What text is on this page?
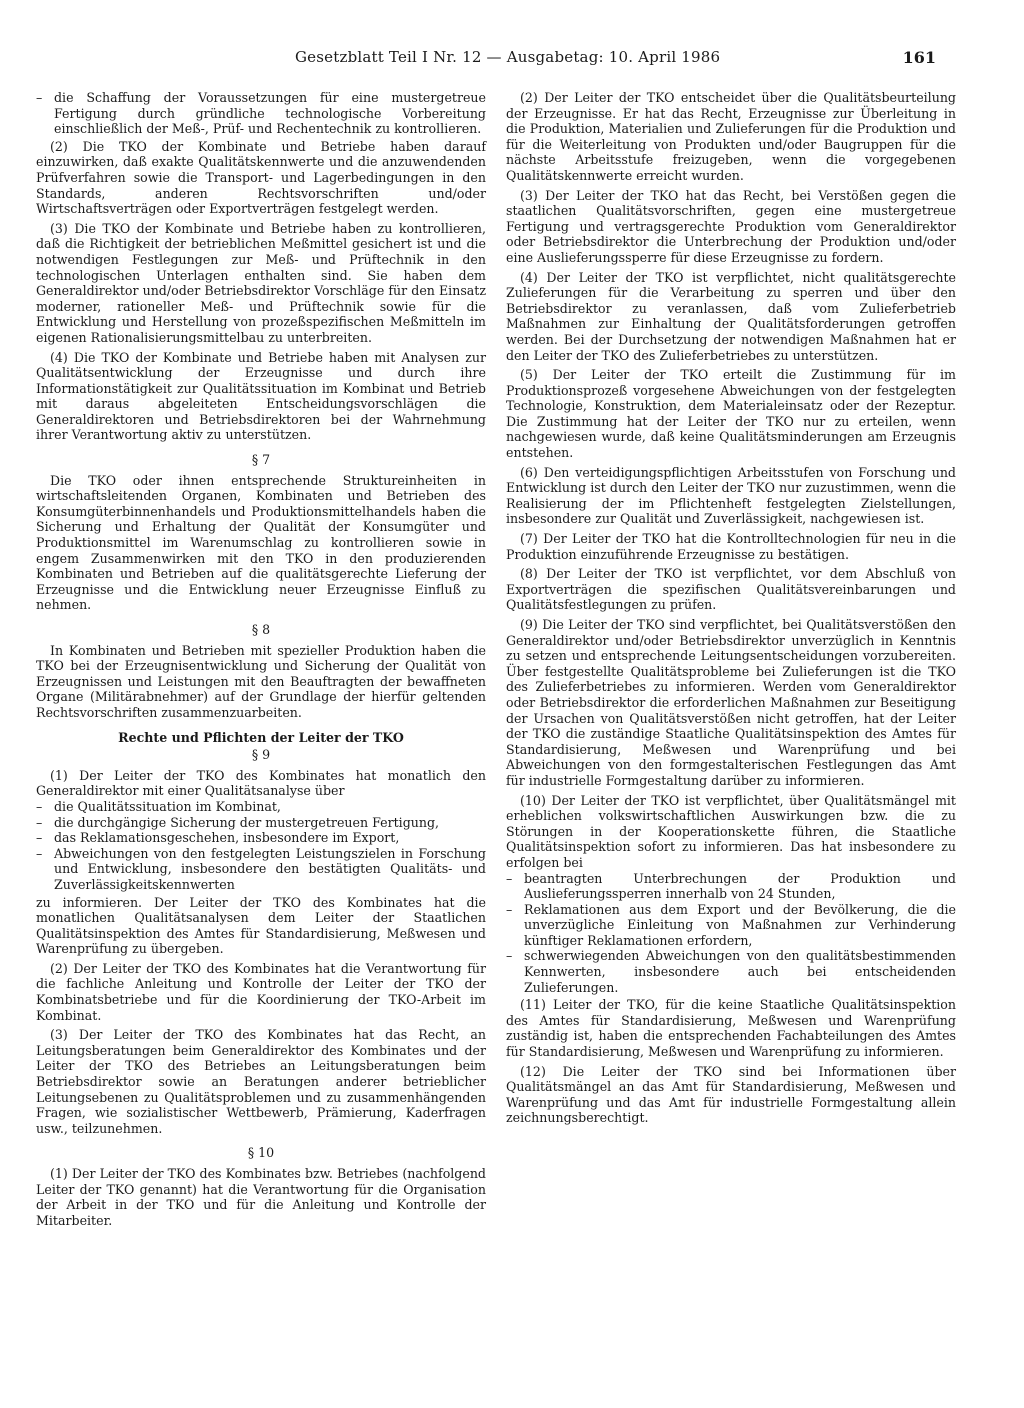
Gesetzblatt Teil I Nr. 12 — Ausgabetag: 10. April 1986	161
– die Schaffung der Voraussetzungen für eine mustergetreue Fertigung durch gründliche technologische Vorbereitung einschließlich der Meß-, Prüf- und Rechentechnik zu kontrollieren.

(2) Die TKO der Kombinate und Betriebe haben darauf einzuwirken, daß exakte Qualitätskennwerte und die anzuwendenden Prüfverfahren sowie die Transport- und Lagerbedingungen in den Standards, anderen Rechtsvorschriften und/oder Wirtschaftsverträgen oder Exportverträgen festgelegt werden.

(3) Die TKO der Kombinate und Betriebe haben zu kontrollieren, daß die Richtigkeit der betrieblichen Meßmittel gesichert ist und die notwendigen Festlegungen zur Meß- und Prüftechnik in den technologischen Unterlagen enthalten sind. Sie haben dem Generaldirektor und/oder Betriebsdirektor Vorschläge für den Einsatz moderner, rationeller Meß- und Prüftechnik sowie für die Entwicklung und Herstellung von prozeßspezifischen Meßmitteln im eigenen Rationalisierungsmittelbau zu unterbreiten.

(4) Die TKO der Kombinate und Betriebe haben mit Analysen zur Qualitätsentwicklung der Erzeugnisse und durch ihre Informationstätigkeit zur Qualitätssituation im Kombinat und Betrieb mit daraus abgeleiteten Entscheidungsvorschlägen die Generaldirektoren und Betriebsdirektoren bei der Wahrnehmung ihrer Verantwortung aktiv zu unterstützen.

§ 7

Die TKO oder ihnen entsprechende Struktureinheiten in wirtschaftsleitenden Organen, Kombinaten und Betrieben des Konsumgüterbinnenhandels und Produktionsmittelhandels haben die Sicherung und Erhaltung der Qualität der Konsumgüter und Produktionsmittel im Warenumschlag zu kontrollieren sowie in engem Zusammenwirken mit den TKO in den produzierenden Kombinaten und Betrieben auf die qualitätsgerechte Lieferung der Erzeugnisse und die Entwicklung neuer Erzeugnisse Einfluß zu nehmen.

§ 8

In Kombinaten und Betrieben mit spezieller Produktion haben die TKO bei der Erzeugnisentwicklung und Sicherung der Qualität von Erzeugnissen und Leistungen mit den Beauftragten der bewaffneten Organe (Militärabnehmer) auf der Grundlage der hierfür geltenden Rechtsvorschriften zusammenzuarbeiten.

Rechte und Pflichten der Leiter der TKO
§ 9

(1) Der Leiter der TKO des Kombinates hat monatlich den Generaldirektor mit einer Qualitätsanalyse über

– die Qualitätssituation im Kombinat,
– die durchgängige Sicherung der mustergetreuen Fertigung,
– das Reklamationsgeschehen, insbesondere im Export,
– Abweichungen von den festgelegten Leistungszielen in Forschung und Entwicklung, insbesondere den bestätigten Qualitäts- und Zuverlässigkeitskennwerten

zu informieren. Der Leiter der TKO des Kombinates hat die monatlichen Qualitätsanalysen dem Leiter der Staatlichen Qualitätsinspektion des Amtes für Standardisierung, Meßwesen und Warenprüfung zu übergeben.

(2) Der Leiter der TKO des Kombinates hat die Verantwortung für die fachliche Anleitung und Kontrolle der Leiter der TKO der Kombinatsbetriebe und für die Koordinierung der TKO-Arbeit im Kombinat.

(3) Der Leiter der TKO des Kombinates hat das Recht, an Leitungsberatungen beim Generaldirektor des Kombinates und der Leiter der TKO des Betriebes an Leitungsberatungen beim Betriebsdirektor sowie an Beratungen anderer betrieblicher Leitungsebenen zu Qualitätsproblemen und zu zusammenhängenden Fragen, wie sozialistischer Wettbewerb, Prämierung, Kaderfragen usw., teilzunehmen.

§ 10

(1) Der Leiter der TKO des Kombinates bzw. Betriebes (nachfolgend Leiter der TKO genannt) hat die Verantwortung für die Organisation der Arbeit in der TKO und für die Anleitung und Kontrolle der Mitarbeiter.

(2) Der Leiter der TKO entscheidet über die Qualitätsbeurteilung der Erzeugnisse. Er hat das Recht, Erzeugnisse zur Überleitung in die Produktion, Materialien und Zulieferungen für die Produktion und für die Weiterleitung von Produkten und/oder Baugruppen für die nächste Arbeitsstufe freizugeben, wenn die vorgegebenen Qualitätskennwerte erreicht wurden.

(3) Der Leiter der TKO hat das Recht, bei Verstößen gegen die staatlichen Qualitätsvorschriften, gegen eine mustergetreue Fertigung und vertragsgerechte Produktion vom Generaldirektor oder Betriebsdirektor die Unterbrechung der Produktion und/oder eine Auslieferungssperre für diese Erzeugnisse zu fordern.

(4) Der Leiter der TKO ist verpflichtet, nicht qualitätsgerechte Zulieferungen für die Verarbeitung zu sperren und über den Betriebsdirektor zu veranlassen, daß vom Zulieferbetrieb Maßnahmen zur Einhaltung der Qualitätsforderungen getroffen werden. Bei der Durchsetzung der notwendigen Maßnahmen hat er den Leiter der TKO des Zulieferbetriebes zu unterstützen.

(5) Der Leiter der TKO erteilt die Zustimmung für im Produktionsprozeß vorgesehene Abweichungen von der festgelegten Technologie, Konstruktion, dem Materialeinsatz oder der Rezeptur. Die Zustimmung hat der Leiter der TKO nur zu erteilen, wenn nachgewiesen wurde, daß keine Qualitätsminderungen am Erzeugnis entstehen.

(6) Den verteidigungspflichtigen Arbeitsstufen von Forschung und Entwicklung ist durch den Leiter der TKO nur zuzustimmen, wenn die Realisierung der im Pflichtenheft festgelegten Zielstellungen, insbesondere zur Qualität und Zuverlässigkeit, nachgewiesen ist.

(7) Der Leiter der TKO hat die Kontrolltechnologien für neu in die Produktion einzuführende Erzeugnisse zu bestätigen.

(8) Der Leiter der TKO ist verpflichtet, vor dem Abschluß von Exportverträgen die spezifischen Qualitätsvereinbarungen und Qualitätsfestlegungen zu prüfen.

(9) Die Leiter der TKO sind verpflichtet, bei Qualitätsverstößen den Generaldirektor und/oder Betriebsdirektor unverzüglich in Kenntnis zu setzen und entsprechende Leitungsentscheidungen vorzubereiten. Über festgestellte Qualitätsprobleme bei Zulieferungen ist die TKO des Zulieferbetriebes zu informieren. Werden vom Generaldirektor oder Betriebsdirektor die erforderlichen Maßnahmen zur Beseitigung der Ursachen von Qualitätsverstößen nicht getroffen, hat der Leiter der TKO die zuständige Staatliche Qualitätsinspektion des Amtes für Standardisierung, Meßwesen und Warenprüfung und bei Abweichungen von den formgestalterischen Festlegungen das Amt für industrielle Formgestaltung darüber zu informieren.

(10) Der Leiter der TKO ist verpflichtet, über Qualitätsmängel mit erheblichen volkswirtschaftlichen Auswirkungen bzw. die zu Störungen in der Kooperationskette führen, die Staatliche Qualitätsinspektion sofort zu informieren. Das hat insbesondere zu erfolgen bei

– beantragten Unterbrechungen der Produktion und Auslieferungssperren innerhalb von 24 Stunden,
– Reklamationen aus dem Export und der Bevölkerung, die die unverzügliche Einleitung von Maßnahmen zur Verhinderung künftiger Reklamationen erfordern,
– schwerwiegenden Abweichungen von den qualitätsbestimmenden Kennwerten, insbesondere auch bei entscheidenden Zulieferungen.

(11) Leiter der TKO, für die keine Staatliche Qualitätsinspektion des Amtes für Standardisierung, Meßwesen und Warenprüfung zuständig ist, haben die entsprechenden Fachabteilungen des Amtes für Standardisierung, Meßwesen und Warenprüfung zu informieren.

(12) Die Leiter der TKO sind bei Informationen über Qualitätsmängel an das Amt für Standardisierung, Meßwesen und Warenprüfung und das Amt für industrielle Formgestaltung allein zeichnungsberechtigt.
